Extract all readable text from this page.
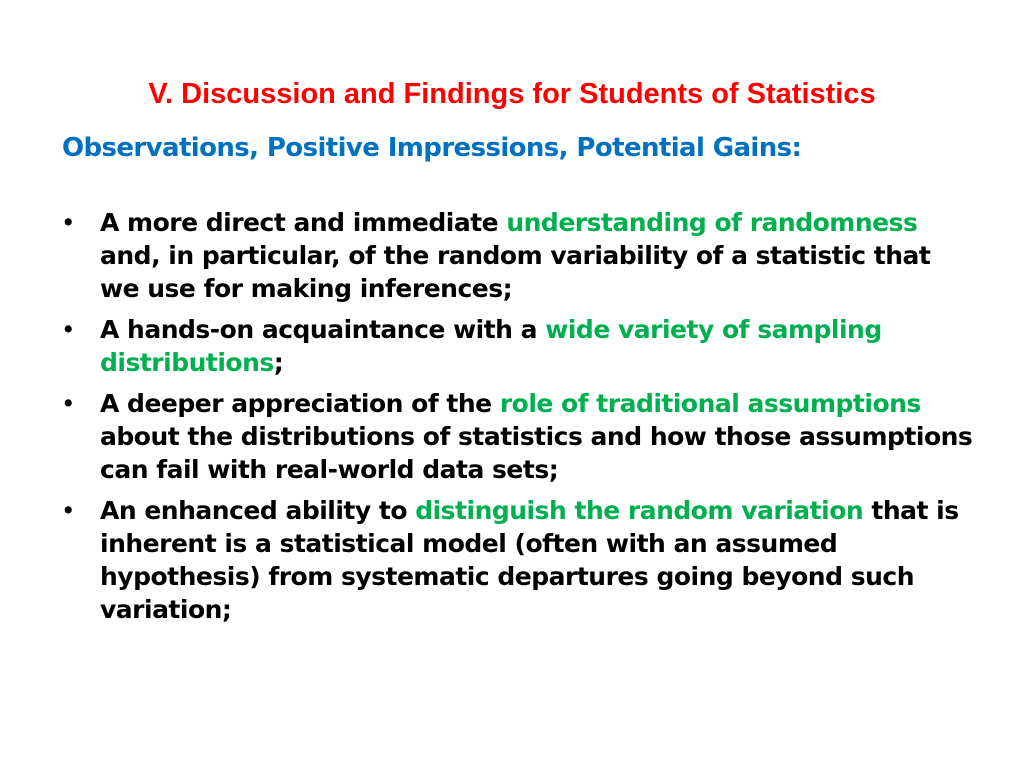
V. Discussion and Findings for Students of Statistics
Observations, Positive Impressions, Potential Gains:
• A more direct and immediate understanding of randomness and, in particular, of the random variability of a statistic that we use for making inferences;
• A hands-on acquaintance with a wide variety of sampling distributions;
• A deeper appreciation of the role of traditional assumptions about the distributions of statistics and how those assumptions can fail with real-world data sets;
• An enhanced ability to distinguish the random variation that is inherent is a statistical model (often with an assumed hypothesis) from systematic departures going beyond such variation;
